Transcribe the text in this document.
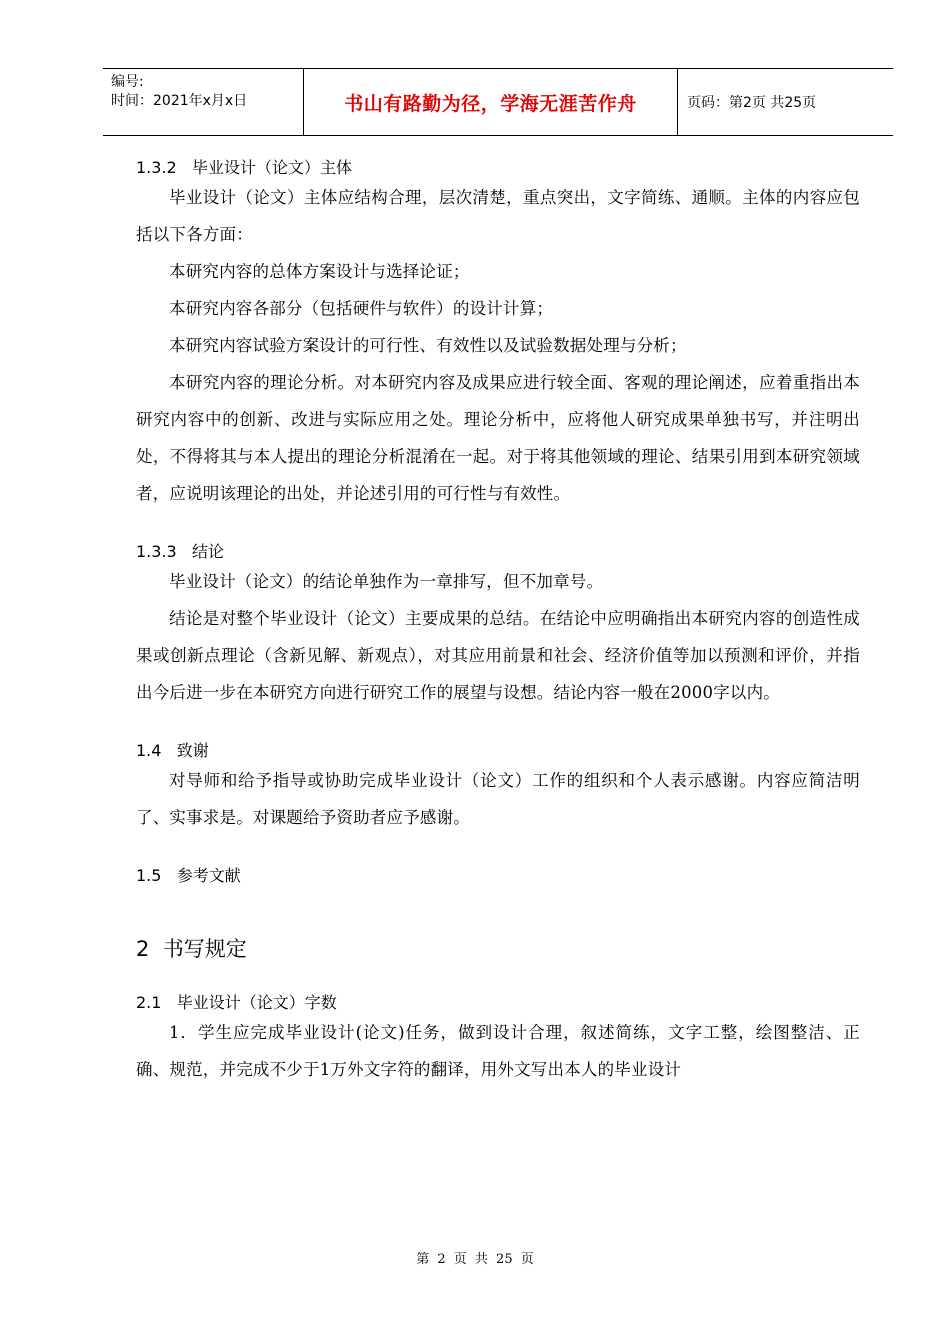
编号:
时间：2021年x月x日	书山有路勤为径，学海无涯苦作舟	页码：第2页 共25页
1.3.2   毕业设计（论文）主体
毕业设计（论文）主体应结构合理，层次清楚，重点突出，文字简练、通顺。主体的内容应包括以下各方面：
本研究内容的总体方案设计与选择论证；
本研究内容各部分（包括硬件与软件）的设计计算；
本研究内容试验方案设计的可行性、有效性以及试验数据处理与分析；
本研究内容的理论分析。对本研究内容及成果应进行较全面、客观的理论阐述，应着重指出本研究内容中的创新、改进与实际应用之处。理论分析中，应将他人研究成果单独书写，并注明出处，不得将其与本人提出的理论分析混淆在一起。对于将其他领域的理论、结果引用到本研究领域者，应说明该理论的出处，并论述引用的可行性与有效性。
1.3.3   结论
毕业设计（论文）的结论单独作为一章排写，但不加章号。
结论是对整个毕业设计（论文）主要成果的总结。在结论中应明确指出本研究内容的创造性成果或创新点理论（含新见解、新观点），对其应用前景和社会、经济价值等加以预测和评价，并指出今后进一步在本研究方向进行研究工作的展望与设想。结论内容一般在2000字以内。
1.4   致谢
对导师和给予指导或协助完成毕业设计（论文）工作的组织和个人表示感谢。内容应简洁明了、实事求是。对课题给予资助者应予感谢。
1.5   参考文献
2  书写规定
2.1   毕业设计（论文）字数
1．学生应完成毕业设计(论文)任务，做到设计合理，叙述简练，文字工整，绘图整洁、正确、规范，并完成不少于1万外文字符的翻译，用外文写出本人的毕业设计
第 2 页 共 25 页
